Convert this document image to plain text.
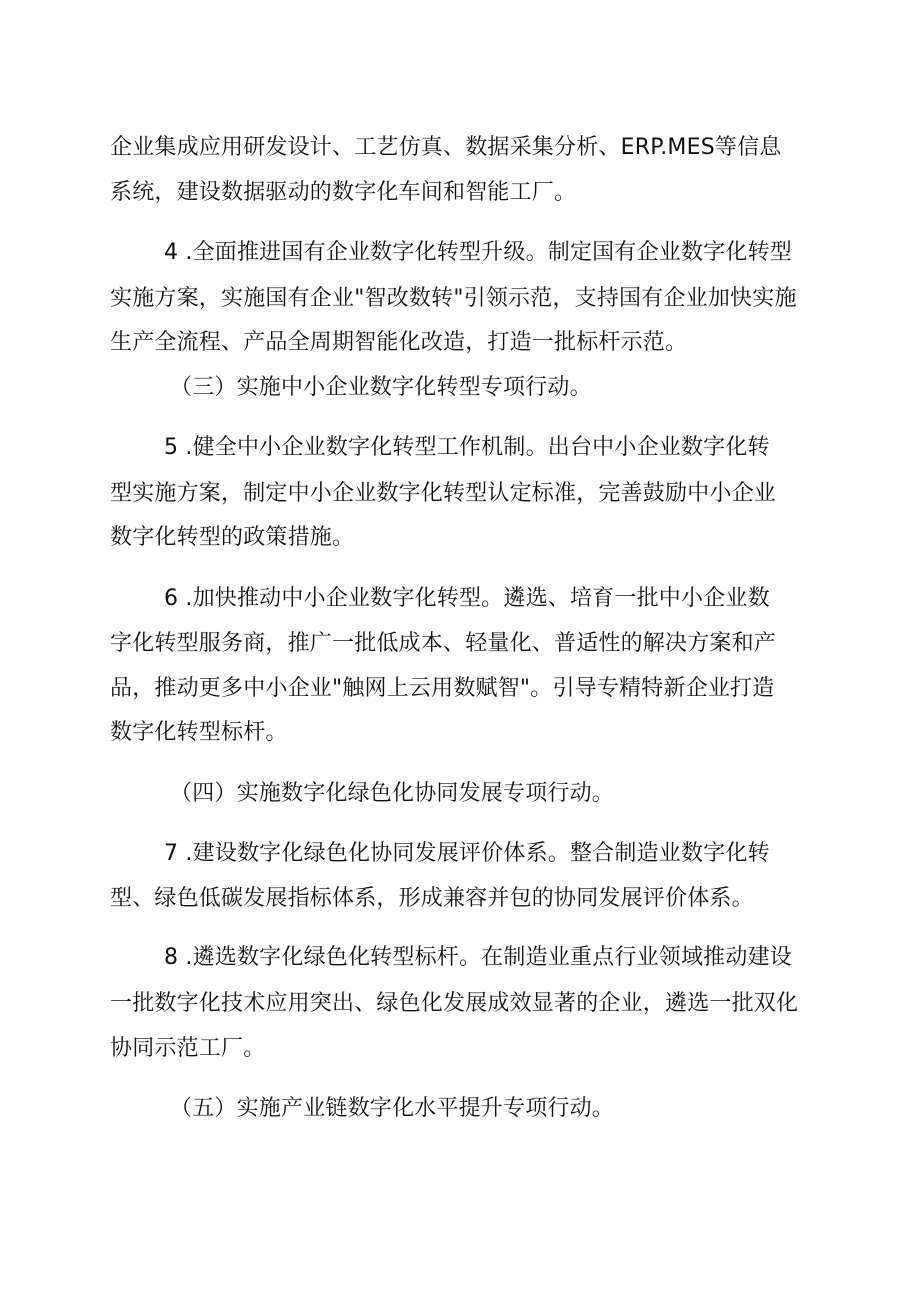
企业集成应用研发设计、工艺仿真、数据采集分析、ERP.MES等信息
系统，建设数据驱动的数字化车间和智能工厂。
4 .全面推进国有企业数字化转型升级。制定国有企业数字化转型
实施方案，实施国有企业"智改数转"引领示范，支持国有企业加快实施
生产全流程、产品全周期智能化改造，打造一批标杆示范。
（三）实施中小企业数字化转型专项行动。
5 .健全中小企业数字化转型工作机制。出台中小企业数字化转
型实施方案，制定中小企业数字化转型认定标准，完善鼓励中小企业
数字化转型的政策措施。
6 .加快推动中小企业数字化转型。遴选、培育一批中小企业数
字化转型服务商，推广一批低成本、轻量化、普适性的解决方案和产
品，推动更多中小企业"触网上云用数赋智"。引导专精特新企业打造
数字化转型标杆。
（四）实施数字化绿色化协同发展专项行动。
7 .建设数字化绿色化协同发展评价体系。整合制造业数字化转
型、绿色低碳发展指标体系，形成兼容并包的协同发展评价体系。
8 .遴选数字化绿色化转型标杆。在制造业重点行业领域推动建设
一批数字化技术应用突出、绿色化发展成效显著的企业，遴选一批双化
协同示范工厂。
（五）实施产业链数字化水平提升专项行动。
